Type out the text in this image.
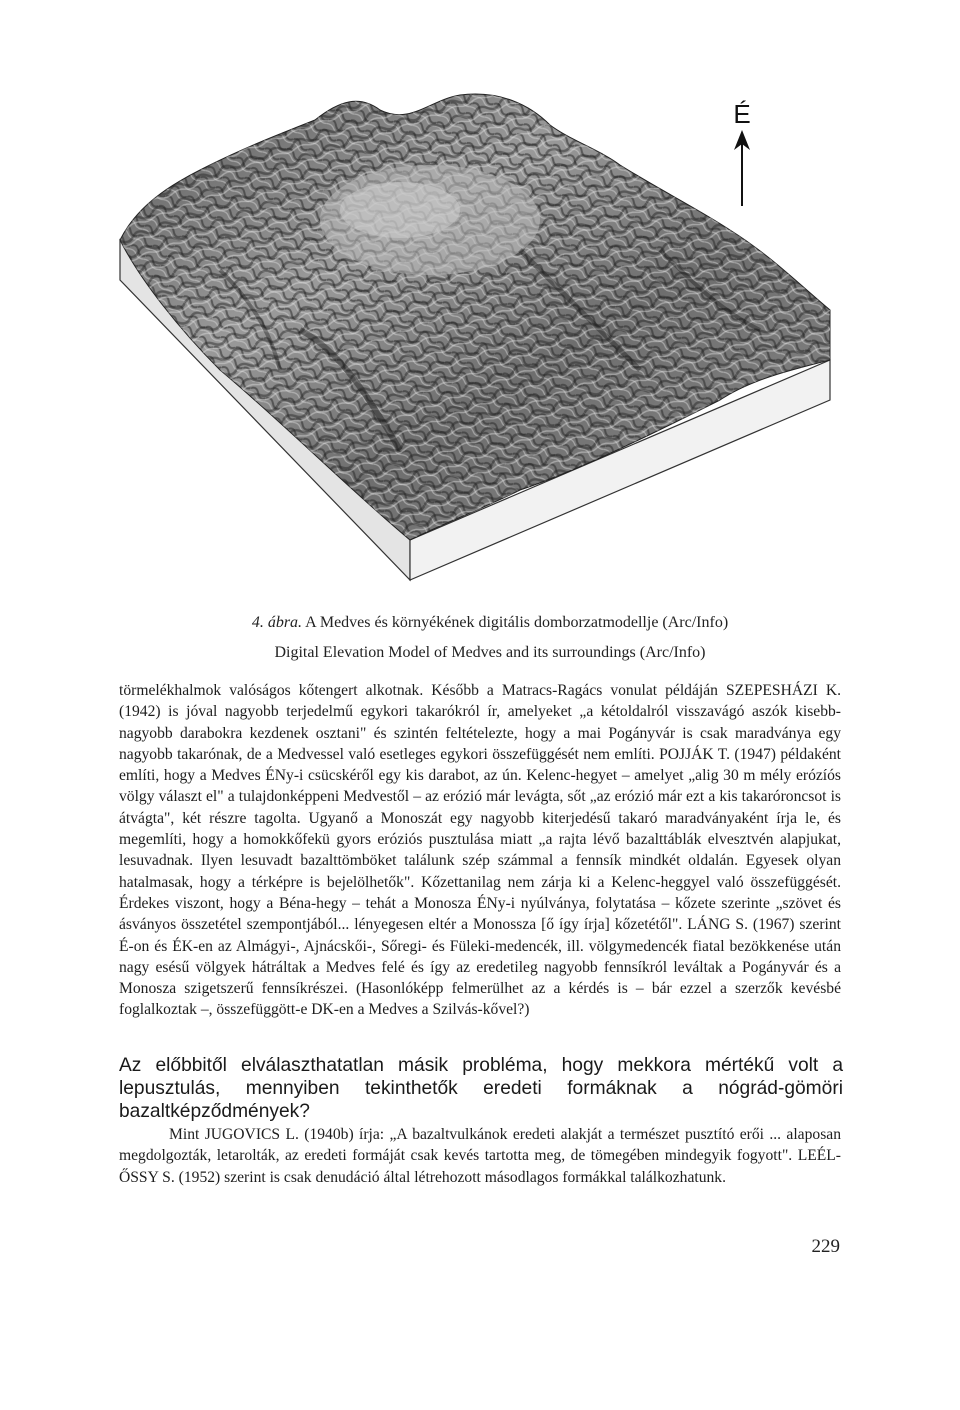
É
4. ábra. A Medves és környékének digitális domborzatmodellje (Arc/Info)
Digital Elevation Model of Medves and its surroundings (Arc/Info)
törmelékhalmok valóságos kőtengert alkotnak. Később a Matracs-Ragács vonulat példáján SZEPESHÁZI K. (1942) is jóval nagyobb terjedelmű egykori takarókról ír, amelyeket „a kétoldalról visszavágó aszók kisebb-nagyobb darabokra kezdenek osztani" és szintén feltételezte, hogy a mai Pogányvár is csak maradványa egy nagyobb takarónak, de a Medvessel való esetleges egykori összefüggését nem említi. POJJÁK T. (1947) példaként említi, hogy a Medves ÉNy-i csücskéről egy kis darabot, az ún. Kelenc-hegyet – amelyet „alig 30 m mély erózíós völgy választ el" a tulajdonképpeni Medvestől – az erózió már levágta, sőt „az erózió már ezt a kis takaróroncsot is átvágta", két részre tagolta. Ugyanő a Monoszát egy nagyobb kiterjedésű takaró maradványaként írja le, és megemlíti, hogy a homokkőfekü gyors eróziós pusztulása miatt „a rajta lévő bazalttáblák elvesztvén alapjukat, lesuvadnak. Ilyen lesuvadt bazalttömböket találunk szép számmal a fennsík mindkét oldalán. Egyesek olyan hatalmasak, hogy a térképre is bejelölhetők". Kőzettanilag nem zárja ki a Kelenc-heggyel való összefüggését. Érdekes viszont, hogy a Béna-hegy – tehát a Monosza ÉNy-i nyúlványa, folytatása – kőzete szerinte „szövet és ásványos összetétel szempontjából... lényegesen eltér a Monossza [ő így írja] kőzetétől". LÁNG S. (1967) szerint É-on és ÉK-en az Almágyi-, Ajnácskői-, Sőregi- és Füleki-medencék, ill. völgymedencék fiatal bezökkenése után nagy esésű völgyek hátráltak a Medves felé és így az eredetileg nagyobb fennsíkról leváltak a Pogányvár és a Monosza szigetszerű fennsíkrészei. (Hasonlóképp felmerülhet az a kérdés is – bár ezzel a szerzők kevésbé foglalkoztak –, összefüggött-e DK-en a Medves a Szilvás-kővel?)
Az előbbitől elválaszthatatlan másik probléma, hogy mekkora mértékű volt a lepusztulás, mennyiben tekinthetők eredeti formáknak a nógrád-gömöri bazaltképződmények?
Mint JUGOVICS L. (1940b) írja: „A bazaltvulkánok eredeti alakját a természet pusztító erői ... alaposan megdolgozták, letarolták, az eredeti formáját csak kevés tartotta meg, de tömegében mindegyik fogyott". LEÉL-ŐSSY S. (1952) szerint is csak denudáció által létrehozott másodlagos formákkal találkozhatunk.
229
